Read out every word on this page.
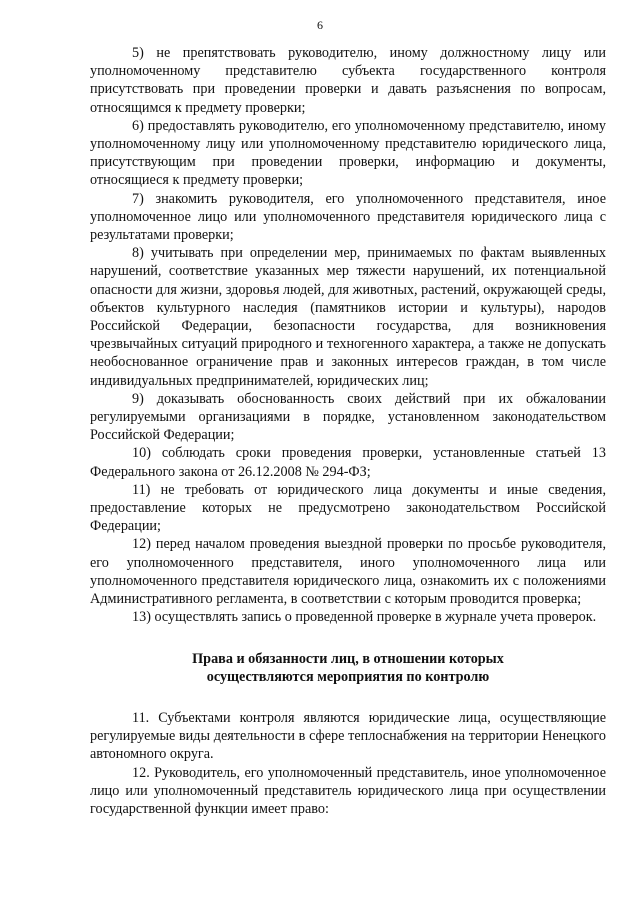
6

5) не препятствовать руководителю, иному должностному лицу или уполномоченному представителю субъекта государственного контроля присутствовать при проведении проверки и давать разъяснения по вопросам, относящимся к предмету проверки;

6) предоставлять руководителю, его уполномоченному представителю, иному уполномоченному лицу или уполномоченному представителю юридического лица, присутствующим при проведении проверки, информацию и документы, относящиеся к предмету проверки;

7) знакомить руководителя, его уполномоченного представителя, иное уполномоченное лицо или уполномоченного представителя юридического лица с результатами проверки;

8) учитывать при определении мер, принимаемых по фактам выявленных нарушений, соответствие указанных мер тяжести нарушений, их потенциальной опасности для жизни, здоровья людей, для животных, растений, окружающей среды, объектов культурного наследия (памятников истории и культуры), народов Российской Федерации, безопасности государства, для возникновения чрезвычайных ситуаций природного и техногенного характера, а также не допускать необоснованное ограничение прав и законных интересов граждан, в том числе индивидуальных предпринимателей, юридических лиц;

9) доказывать обоснованность своих действий при их обжаловании регулируемыми организациями в порядке, установленном законодательством Российской Федерации;

10) соблюдать сроки проведения проверки, установленные статьей 13 Федерального закона от 26.12.2008 № 294-ФЗ;

11) не требовать от юридического лица документы и иные сведения, предоставление которых не предусмотрено законодательством Российской Федерации;

12) перед началом проведения выездной проверки по просьбе руководителя, его уполномоченного представителя, иного уполномоченного лица или уполномоченного представителя юридического лица, ознакомить их с положениями Административного регламента, в соответствии с которым проводится проверка;

13) осуществлять запись о проведенной проверке в журнале учета проверок.

Права и обязанности лиц, в отношении которых

осуществляются мероприятия по контролю

11. Субъектами контроля являются юридические лица, осуществляющие регулируемые виды деятельности в сфере теплоснабжения на территории Ненецкого автономного округа.

12. Руководитель, его уполномоченный представитель, иное уполномоченное лицо или уполномоченный представитель юридического лица при осуществлении государственной функции имеет право:
